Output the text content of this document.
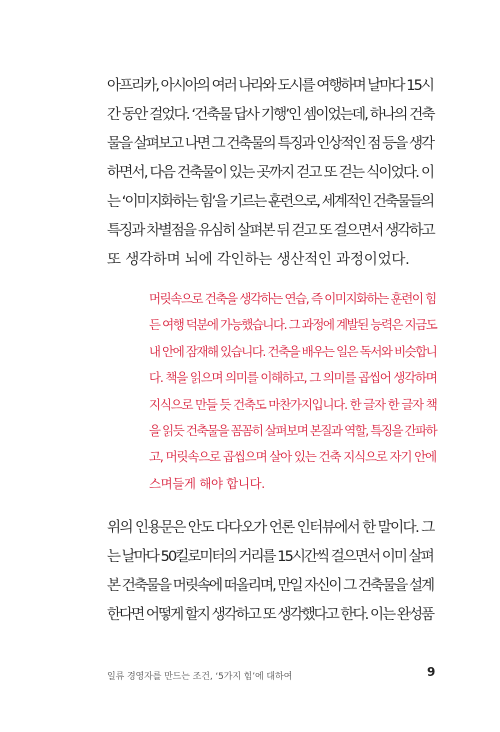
아프리카, 아시아의 여러 나라와 도시를 여행하며 날마다 15시
간 동안 걸었다. ‘건축물 답사 기행’인 셈이었는데, 하나의 건축
물을 살펴보고 나면 그 건축물의 특징과 인상적인 점 등을 생각
하면서, 다음 건축물이 있는 곳까지 걷고 또 걷는 식이었다. 이
는 ‘이미지화하는 힘’을 기르는 훈련으로, 세계적인 건축물들의
특징과 차별점을 유심히 살펴본 뒤 걷고 또 걸으면서 생각하고
또 생각하며 뇌에 각인하는 생산적인 과정이었다.
머릿속으로 건축을 생각하는 연습, 즉 이미지화하는 훈련이 힘
든 여행 덕분에 가능했습니다. 그 과정에 계발된 능력은 지금도
내 안에 잠재해 있습니다. 건축을 배우는 일은 독서와 비슷합니
다. 책을 읽으며 의미를 이해하고, 그 의미를 곱씹어 생각하며
지식으로 만들 듯 건축도 마찬가지입니다. 한 글자 한 글자 책
을 읽듯 건축물을 꼼꼼히 살펴보며 본질과 역할, 특징을 간파하
고, 머릿속으로 곱씹으며 살아 있는 건축 지식으로 자기 안에
스며들게 해야 합니다.
위의 인용문은 안도 다다오가 언론 인터뷰에서 한 말이다. 그
는 날마다 50킬로미터의 거리를 15시간씩 걸으면서 이미 살펴
본 건축물을 머릿속에 떠올리며, 만일 자신이 그 건축물을 설계
한다면 어떻게 할지 생각하고 또 생각했다고 한다. 이는 완성품
일류 경영자를 만드는 조건, ‘5가지 힘’에 대하여	9
